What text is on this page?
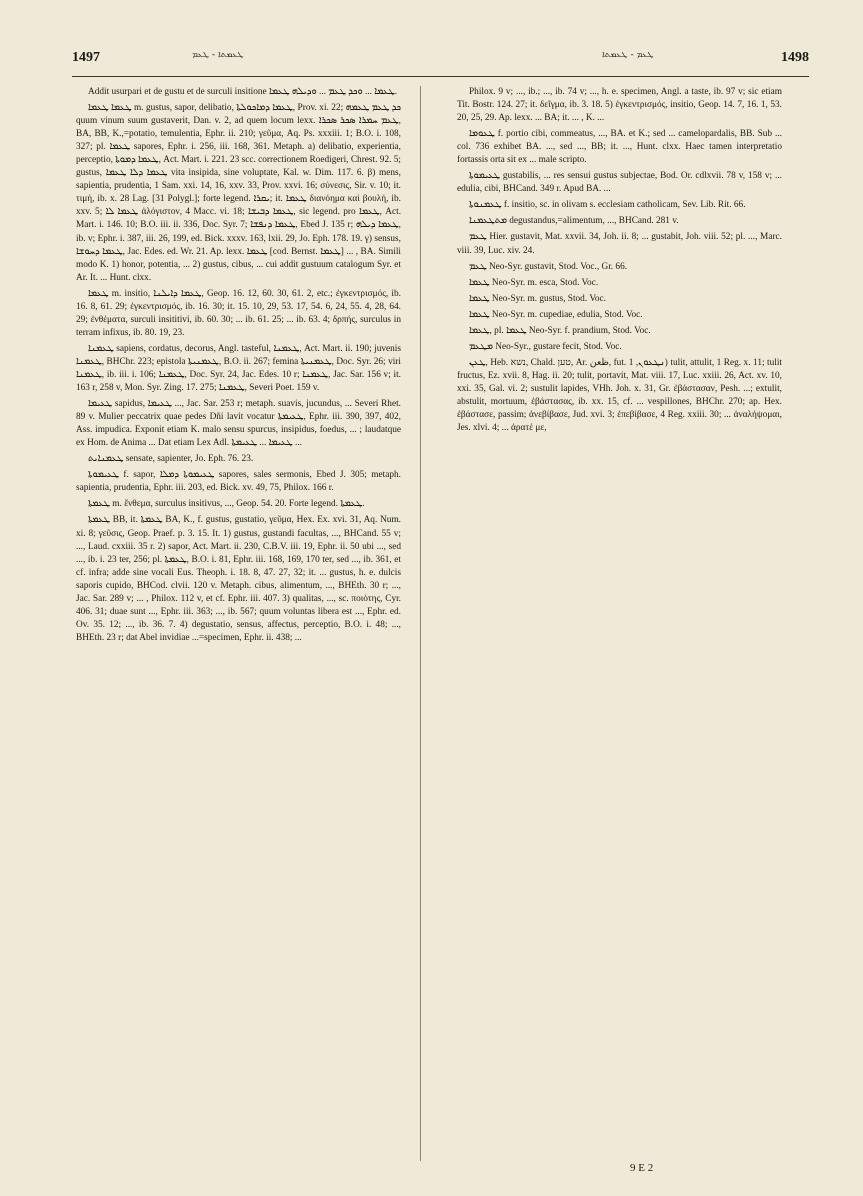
1497	ܛܥܡܬܐ - ܛܥܡ	ܛܥܡ - ܛܥܡܬܐ	1498

Addit usurpari et de gustu et de surculi insitione ܛܥܡܐ ... ܘܟܕ ܛܥܡ ... ܘܕܝܠܗ ܛܥܡܐ.

ܛܥܡܐ ܛܥܡܐ m. gustus, sapor, delibatio, ܛܥܡܐ ܕܡܐܟܘܠܬܐ, Prov. xi. 22; ܟܕ ܛܥܡ ܛܥܡܗ quum vinum suum gustaverit, Dan. v. 2, ad quem locum lexx. ܛܥܡ ܚܡܪܐ ܣܟܪ ܣܟܪܐ, BA, BB, K.,=potatio, temulentia, Ephr. ii. 210; γεῦμα, Aq. Ps. xxxiii. 1; B.O. i. 108, 327; pl. ܛܥܡܐ sapores, Ephr. i. 256, iii. 168, 361. Metaph. a) delibatio, experientia, perceptio, ܛܥܡܐ ܕܡܘܬܐ, Act. Mart. i. 221. 23 scc. correctionem Roedigeri, Chrest. 92. 5; gustus, ܛܥܡܐ ܕܠܐ ܛܥܡܐ vita insipida, sine voluptate, Kal. w. Dim. 117. 6. β) mens, sapientia, prudentia, 1 Sam. xxi. 14, 16, xxv. 33, Prov. xxvi. 16; σύνεσις, Sir. v. 10; it. τιμή, ib. x. 28 Lag. [31 Polygl.]; forte legend. ܝܩܪܐ; it. ܛܥܡܐ διανόημα καὶ βουλή, ib. xxv. 5; ܛܥܡܐ ܠܐ ἀλόγιστον, 4 Macc. vi. 18; ܛܥܡܐ ܕܒܝܫܐ, sic legend. pro ܛܥܡܐ, Act. Mart. i. 146. 10; B.O. iii. ii. 336, Doc. Syr. 7; ܛܥܡܐ ܕܢܦܫܐ, Ebed J. 135 r; ܛܥܡܐ ܕܝܠܗ, ib. v; Ephr. i. 387, iii. 26, 199, ed. Bick. xxxv. 163, lxii. 29, Jo. Eph. 178. 19. γ) sensus, ܛܥܡܐ ܕܚܘܫܐ, Jac. Edes. ed. Wr. 21. Ap. lexx. ܛܥܡܐ [cod. Bernst. ܛܥܡܐ] ... , BA. Simili modo K. 1) honor, potentia, ... 2) gustus, cibus, ... cui addit gustuum catalogum Syr. et Ar. It. ... Hunt. clxx.

ܛܥܡܐ m. insitio, ܛܥܡܐ ܕܐܝܠܢܐ, Geop. 16. 12, 60. 30, 61. 2, etc.; ἐγκεντρισμός, ib. 16. 8, 61. 29; ἐγκεντρισμός, ib. 16. 30; it. 15. 10, 29, 53. 17, 54. 6, 24, 55. 4, 28, 64. 29; ἐνθέματα, surculi insititivi, ib. 60. 30; ... ib. 61. 25; ... ib. 63. 4; δρπής, surculus in terram infixus, ib. 80. 19, 23.

ܛܥܡܢܐ sapiens, cordatus, decorus, Angl. tasteful, ܛܥܡܢܐ, Act. Mart. ii. 190; juvenis ܛܥܡܢܐ, BHChr. 223; epistola ܛܥܡܢܝܬܐ, B.O. ii. 267; femina ܛܥܡܢܝܬܐ, Doc. Syr. 26; viri ܛܥܡܢܐ, ib. iii. i. 106; ܛܥܡܢܐ, Doc. Syr. 24, Jac. Edes. 10 r; ܛܥܡܢܐ, Jac. Sar. 156 v; it. 163 r, 258 v, Mon. Syr. Zing. 17. 275; ܛܥܡܢܐ, Severi Poet. 159 v.

ܛܥܝܡܐ sapidus, ܛܥܝܡܐ ..., Jac. Sar. 253 r; metaph. suavis, jucundus, ... Severi Rhet. 89 v. Mulier peccatrix quae pedes Dñi lavit vocatur ܛܥܝܡܬܐ, Ephr. iii. 390, 397, 402, Ass. impudica. Exponit etiam K. malo sensu spurcus, insipidus, foedus, ... ; laudatque ex Hom. de Anima ... Dat etiam Lex Adl. ܛܥܝܡܐ ... ܛܥܝܡܬܐ ...

ܛܥܡܢܐܝܬ sensate, sapienter, Jo. Eph. 76. 23.

ܛܥܝܡܘܬܐ f. sapor, ܛܥܝܡܘܬܐ ܕܡܠܐ sapores, sales sermonis, Ebed J. 305; metaph. sapientia, prudentia, Ephr. iii. 203, ed. Bick. xv. 49, 75, Philox. 166 r.

ܛܥܡܬܐ m. ἔνθεμα, surculus insitivus, ..., Geop. 54. 20. Forte legend. ܛܥܡܬܐ.

ܛܥܡܬܐ BB, it. ܛܥܡܬܐ BA, K., f. gustus, gustatio, γεῦμα, Hex. Ex. xvi. 31, Aq. Num. xi. 8; γεῦσις, Geop. Praef. p. 3. 15. It. 1) gustus, gustandi facultas, ..., BHCand. 55 v; ..., Laud. cxxiii. 35 r. 2) sapor, Act. Mart. ii. 230, C.B.V. iii. 19, Ephr. ii. 50 ubi ..., sed ..., ib. i. 23 ter, 256; pl. ܛܥܡܬܐ, B.O. i. 81, Ephr. iii. 168, 169, 170 ter, sed ..., ib. 361, et cf. infra; adde sine vocali Eus. Theoph. i. 18. 8, 47. 27, 32; it. ... gustus, h. e. dulcis saporis cupido, BHCod. clvii. 120 v. Metaph. cibus, alimentum, ..., BHEth. 30 r; ..., Jac. Sar. 289 v; ... , Philox. 112 v, et cf. Ephr. iii. 407. 3) qualitas, ..., sc. ποιότης, Cyr. 406. 31; duae sunt ..., Ephr. iii. 363; ..., ib. 567; quum voluntas libera est ..., Ephr. ed. Ov. 35. 12; ..., ib. 36. 7. 4) degustatio, sensus, affectus, perceptio, B.O. i. 48; ..., BHEth. 23 r; dat Abel invidiae ...=specimen, Ephr. ii. 438; ...

Philox. 9 v; ..., ib.; ..., ib. 74 v; ..., h. e. specimen, Angl. a taste, ib. 97 v; sic etiam Tit. Bostr. 124. 27; it. δεῖγμα, ib. 3. 18. 5) ἐγκεντρισμός, insitio, Geop. 14. 7, 16. 1, 53. 20, 25, 29. Ap. lexx. ... BA; it. ... , K. ...

ܛܥܘܡܐ f. portio cibi, commeatus, ..., BA. et K.; sed ... camelopardalis, BB. Sub ... col. 736 exhibet BA. ..., sed ..., BB; it. ..., Hunt. clxx. Haec tamen interpretatio fortassis orta sit ex ... male scripto.

ܛܥܝܡܘܬܐ gustabilis, ... res sensui gustus subjectae, Bod. Or. cdlxvii. 78 v, 158 v; ... edulia, cibi, BHCand. 349 r. Apud BA. ...

ܛܥܡܢܘܬܐ f. insitio, sc. in olivam s. ecclesiam catholicam, Sev. Lib. Rit. 66.

ܡܬܛܥܡܢܐ degustandus,=alimentum, ..., BHCand. 281 v.

ܛܥܡ Hier. gustavit, Mat. xxvii. 34, Joh. ii. 8; ... gustabit, Joh. viii. 52; pl. ..., Marc. viii. 39, Luc. xiv. 24.

ܛܥܡ Neo-Syr. gustavit, Stod. Voc., Gr. 66.

ܛܥܡܐ Neo-Syr. m. esca, Stod. Voc.

ܛܥܡܐ Neo-Syr. m. gustus, Stod. Voc.

ܛܥܡܐ Neo-Syr. m. cupediae, edulia, Stod. Voc.

ܛܥܡܐ, pl. ܛܥܡܐ Neo-Syr. f. prandium, Stod. Voc.

ܡܛܥܡ Neo-Syr., gustare fecit, Stod. Voc.

ܛܥܢ, Heb. נשא, Chald. טען, Ar. ظعن, fut. ܢܛܥܘܢ, 1) tulit, attulit, 1 Reg. x. 11; tulit fructus, Ez. xvii. 8, Hag. ii. 20; tulit, portavit, Mat. viii. 17, Luc. xxiii. 26, Act. xv. 10, xxi. 35, Gal. vi. 2; sustulit lapides, VHh. Joh. x. 31, Gr. ἐβάστασαν, Pesh. ...; extulit, abstulit, mortuum, ἐβάστασας, ib. xx. 15, cf. ... vespillones, BHChr. 270; ap. Hex. ἐβάστασε, passim; ἀνεβίβασε, Jud. xvi. 3; ἐπεβίβασε, 4 Reg. xxiii. 30; ... ἀναλήψομαι, Jes. xlvi. 4; ... ἀρατέ με,

9 E 2
